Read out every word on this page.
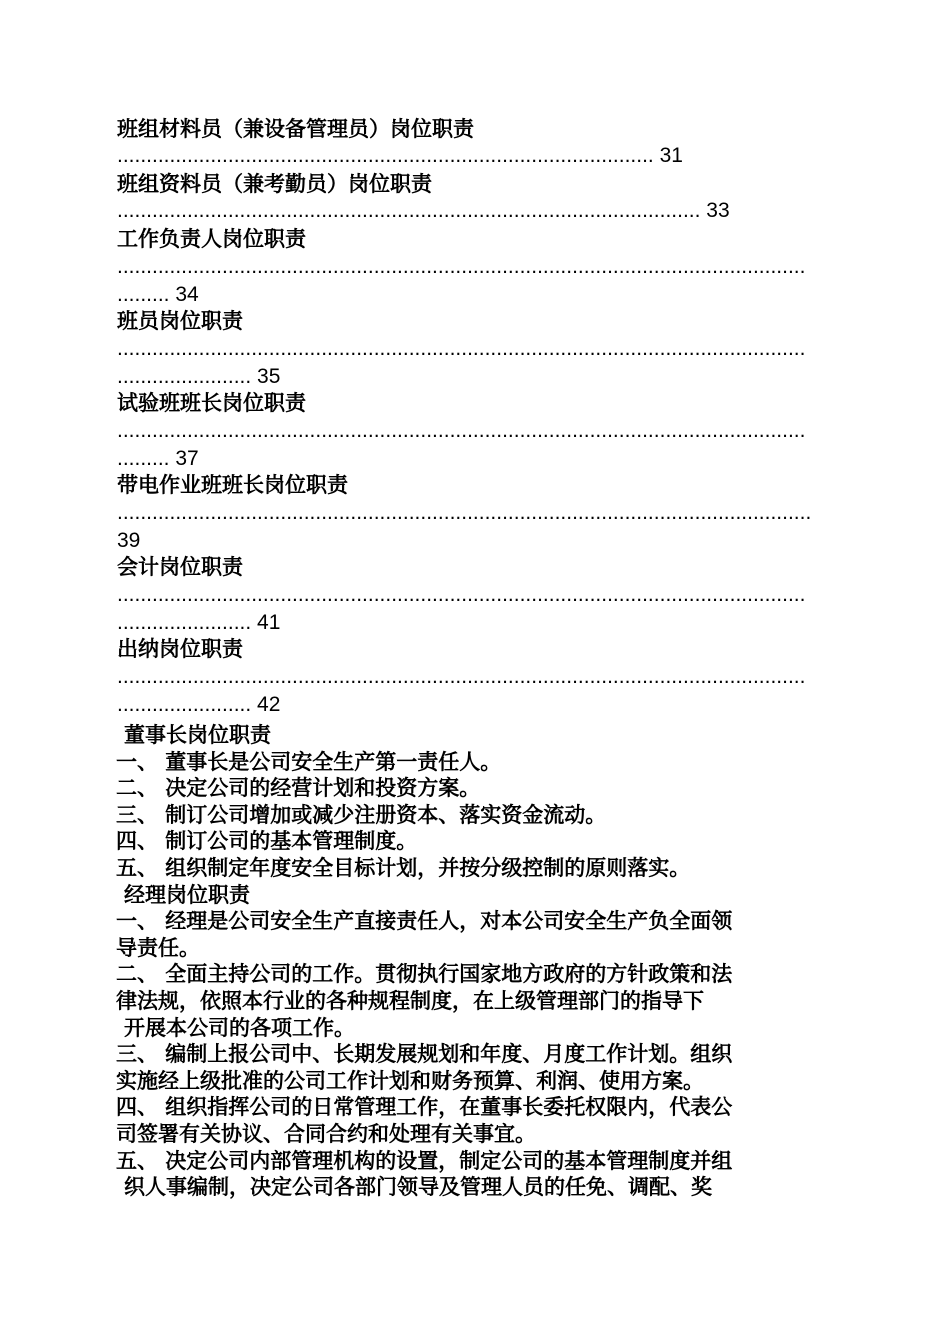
班组材料员（兼设备管理员）岗位职责
............................................................................................ 31
班组资料员（兼考勤员）岗位职责
.................................................................................................... 33
工作负责人岗位职责
......................................................................................................................
......... 34
班员岗位职责
......................................................................................................................
....................... 35
试验班班长岗位职责
......................................................................................................................
......... 37
带电作业班班长岗位职责
.......................................................................................................................
39
会计岗位职责
......................................................................................................................
....................... 41
出纳岗位职责
......................................................................................................................
....................... 42
董事长岗位职责
一、 董事长是公司安全生产第一责任人。
二、 决定公司的经营计划和投资方案。
三、 制订公司增加或减少注册资本、落实资金流动。
四、 制订公司的基本管理制度。
五、 组织制定年度安全目标计划，并按分级控制的原则落实。
经理岗位职责
一、 经理是公司安全生产直接责任人，对本公司安全生产负全面领
导责任。
二、 全面主持公司的工作。贯彻执行国家地方政府的方针政策和法
律法规，依照本行业的各种规程制度，在上级管理部门的指导下
开展本公司的各项工作。
三、 编制上报公司中、长期发展规划和年度、月度工作计划。组织
实施经上级批准的公司工作计划和财务预算、利润、使用方案。
四、 组织指挥公司的日常管理工作，在董事长委托权限内，代表公
司签署有关协议、合同合约和处理有关事宜。
五、 决定公司内部管理机构的设置，制定公司的基本管理制度并组
织人事编制，决定公司各部门领导及管理人员的任免、调配、奖
